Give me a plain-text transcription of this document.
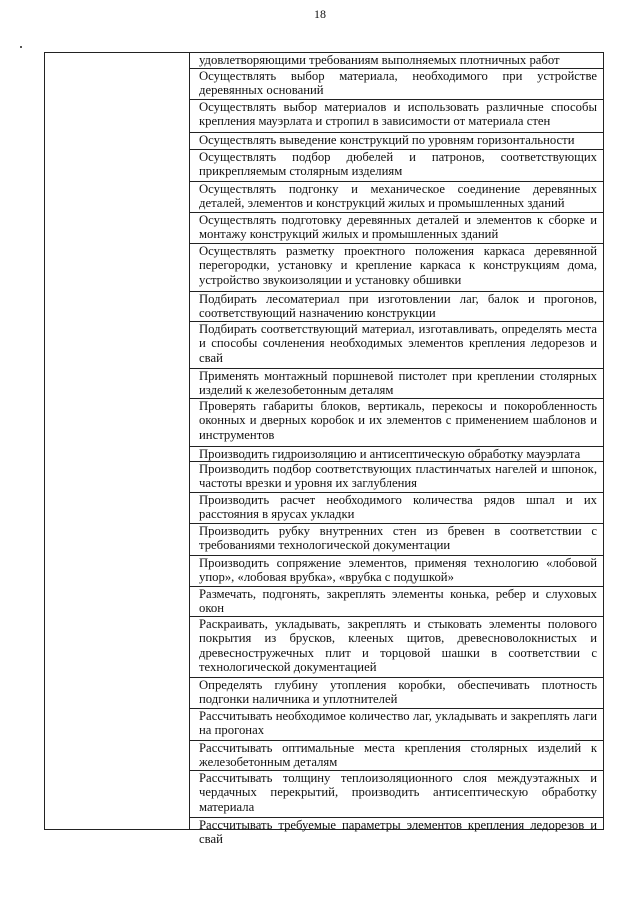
18
удовлетворяющими требованиям выполняемых плотничных работ
Осуществлять выбор материала, необходимого при устройстве деревянных оснований
Осуществлять выбор материалов и использовать различные способы крепления мауэрлата и стропил в зависимости от материала стен
Осуществлять выведение конструкций по уровням горизонтальности
Осуществлять подбор дюбелей и патронов, соответствующих прикрепляемым столярным изделиям
Осуществлять подгонку и механическое соединение деревянных деталей, элементов и конструкций жилых и промышленных зданий
Осуществлять подготовку деревянных деталей и элементов к сборке и монтажу конструкций жилых и промышленных зданий
Осуществлять разметку проектного положения каркаса деревянной перегородки, установку и крепление каркаса к конструкциям дома, устройство звукоизоляции и установку обшивки
Подбирать лесоматериал при изготовлении лаг, балок и прогонов, соответствующий назначению конструкции
Подбирать соответствующий материал, изготавливать, определять места и способы сочленения необходимых элементов крепления ледорезов и свай
Применять монтажный поршневой пистолет при креплении столярных изделий к железобетонным деталям
Проверять габариты блоков, вертикаль, перекосы и покоробленность оконных и дверных коробок и их элементов с применением шаблонов и инструментов
Производить гидроизоляцию и антисептическую обработку мауэрлата
Производить подбор соответствующих пластинчатых нагелей и шпонок, частоты врезки и уровня их заглубления
Производить расчет необходимого количества рядов шпал и их расстояния в ярусах укладки
Производить рубку внутренних стен из бревен в соответствии с требованиями технологической документации
Производить сопряжение элементов, применяя технологию «лобовой упор», «лобовая врубка», «врубка с подушкой»
Размечать, подгонять, закреплять элементы конька, ребер и слуховых окон
Раскраивать, укладывать, закреплять и стыковать элементы полового покрытия из брусков, клееных щитов, древесноволокнистых и древесностружечных плит и торцовой шашки в соответствии с технологической документацией
Определять глубину утопления коробки, обеспечивать плотность подгонки наличника и уплотнителей
Рассчитывать необходимое количество лаг, укладывать и закреплять лаги на прогонах
Рассчитывать оптимальные места крепления столярных изделий к железобетонным деталям
Рассчитывать толщину теплоизоляционного слоя междуэтажных и чердачных перекрытий, производить антисептическую обработку материала
Рассчитывать требуемые параметры элементов крепления ледорезов и свай
